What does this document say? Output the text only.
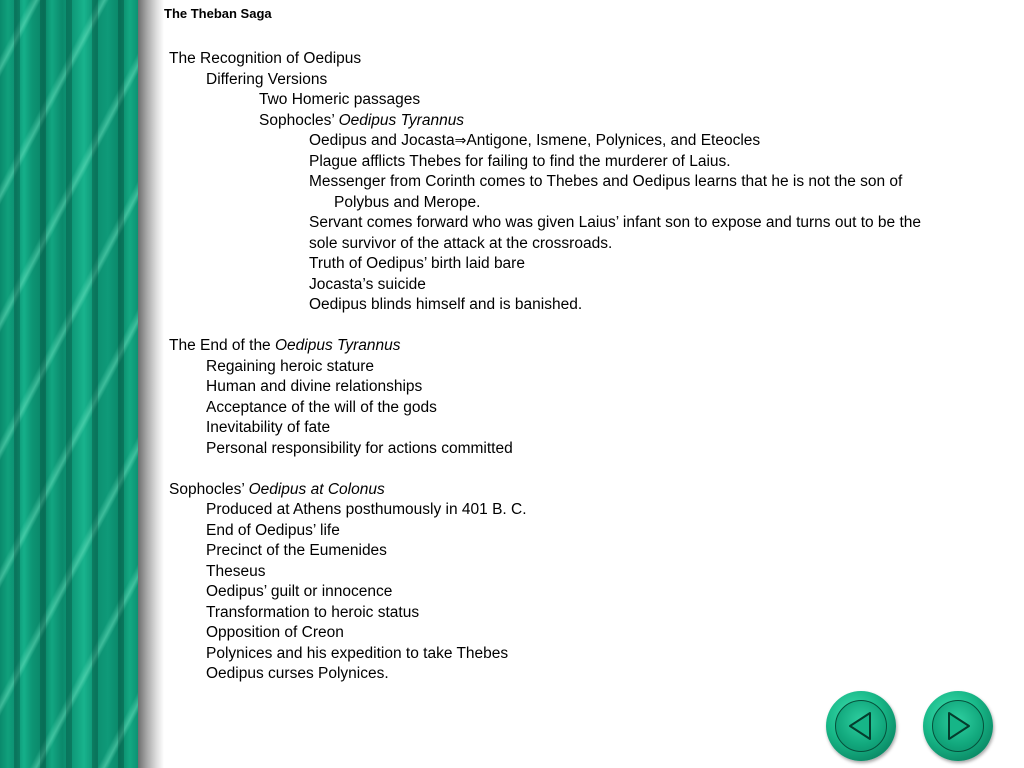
The Theban Saga
The Recognition of Oedipus
Differing Versions
Two Homeric passages
Sophocles’ Oedipus Tyrannus
Oedipus and Jocasta⇒Antigone, Ismene, Polynices, and Eteocles
Plague afflicts Thebes for failing to find the murderer of Laius.
Messenger from Corinth comes to Thebes and Oedipus learns that he is not the son of Polybus and Merope.
Servant comes forward who was given Laius’ infant son to expose and turns out to be the sole survivor of the attack at the crossroads.
Truth of Oedipus’ birth laid bare
Jocasta’s suicide
Oedipus blinds himself and is banished.
The End of the Oedipus Tyrannus
Regaining heroic stature
Human and divine relationships
Acceptance of the will of the gods
Inevitability of fate
Personal responsibility for actions committed
Sophocles’ Oedipus at Colonus
Produced at Athens posthumously in 401 B. C.
End of Oedipus’ life
Precinct of the Eumenides
Theseus
Oedipus’ guilt or innocence
Transformation to heroic status
Opposition of Creon
Polynices and his expedition to take Thebes
Oedipus curses Polynices.
